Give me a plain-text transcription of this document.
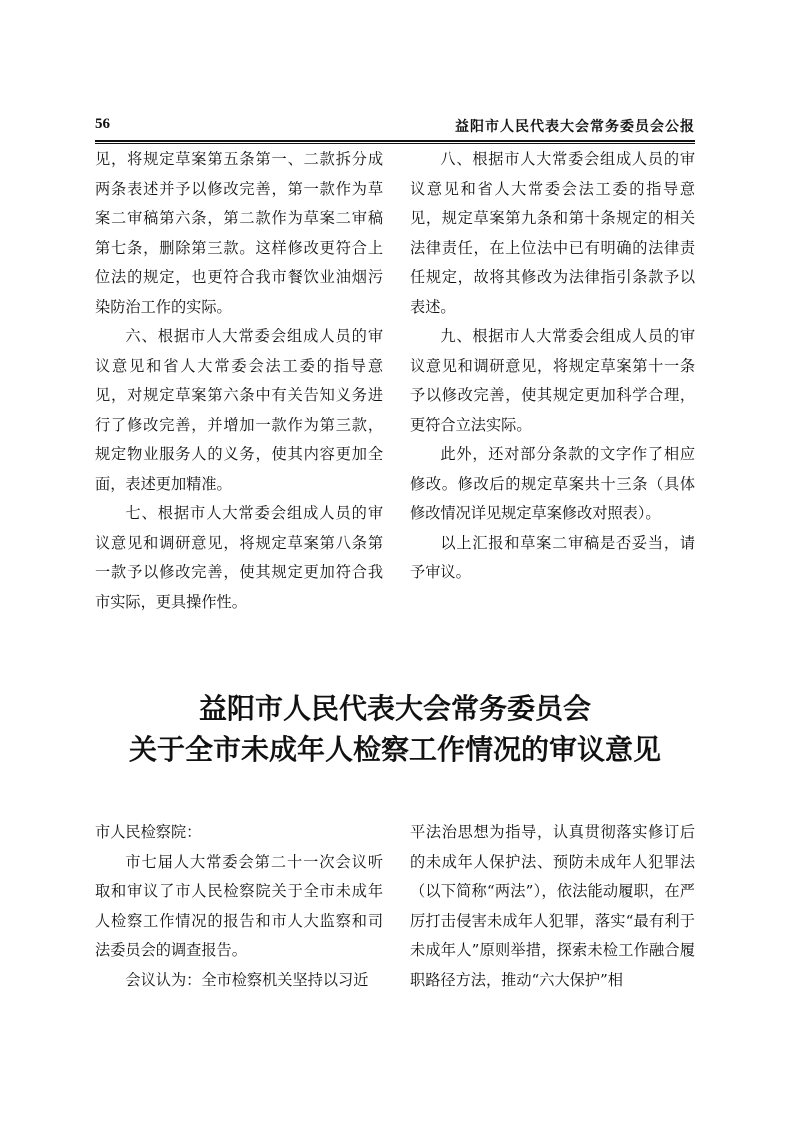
56	益阳市人民代表大会常务委员会公报

见，将规定草案第五条第一、二款拆分成两条表述并予以修改完善，第一款作为草案二审稿第六条，第二款作为草案二审稿第七条，删除第三款。这样修改更符合上位法的规定，也更符合我市餐饮业油烟污染防治工作的实际。

六、根据市人大常委会组成人员的审议意见和省人大常委会法工委的指导意见，对规定草案第六条中有关告知义务进行了修改完善，并增加一款作为第三款，规定物业服务人的义务，使其内容更加全面，表述更加精准。

七、根据市人大常委会组成人员的审议意见和调研意见，将规定草案第八条第一款予以修改完善，使其规定更加符合我市实际，更具操作性。

八、根据市人大常委会组成人员的审议意见和省人大常委会法工委的指导意见，规定草案第九条和第十条规定的相关法律责任，在上位法中已有明确的法律责任规定，故将其修改为法律指引条款予以表述。

九、根据市人大常委会组成人员的审议意见和调研意见，将规定草案第十一条予以修改完善，使其规定更加科学合理，更符合立法实际。

此外，还对部分条款的文字作了相应修改。修改后的规定草案共十三条（具体修改情况详见规定草案修改对照表）。

以上汇报和草案二审稿是否妥当，请予审议。

益阳市人民代表大会常务委员会
关于全市未成年人检察工作情况的审议意见

市人民检察院：

市七届人大常委会第二十一次会议听取和审议了市人民检察院关于全市未成年人检察工作情况的报告和市人大监察和司法委员会的调查报告。

会议认为：全市检察机关坚持以习近

平法治思想为指导，认真贯彻落实修订后的未成年人保护法、预防未成年人犯罪法（以下简称“两法”），依法能动履职，在严厉打击侵害未成年人犯罪，落实“最有利于未成年人”原则举措，探索未检工作融合履职路径方法，推动“六大保护”相
